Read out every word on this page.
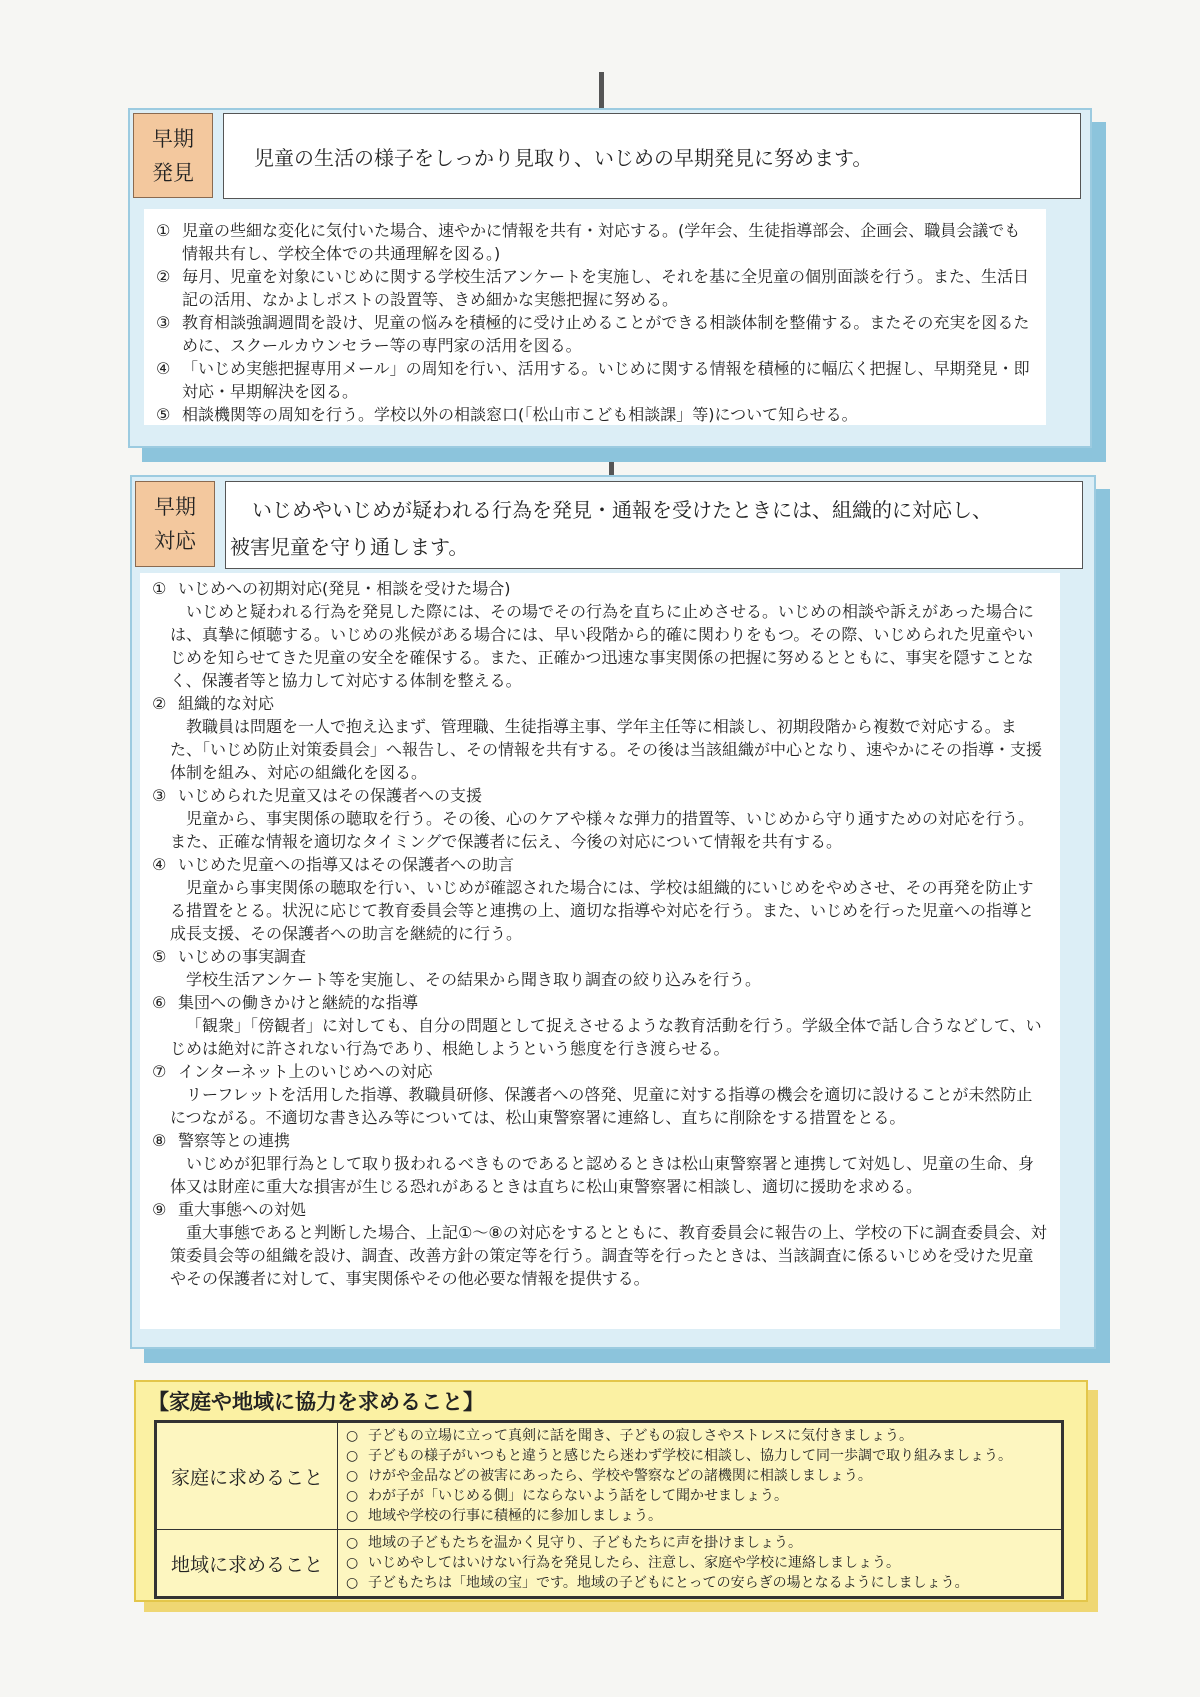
早期
発見
児童の生活の様子をしっかり見取り、いじめの早期発見に努めます。
① 児童の些細な変化に気付いた場合、速やかに情報を共有・対応する。(学年会、生徒指導部会、企画会、職員会議でも情報共有し、学校全体での共通理解を図る。)
② 毎月、児童を対象にいじめに関する学校生活アンケートを実施し、それを基に全児童の個別面談を行う。また、生活日記の活用、なかよしポストの設置等、きめ細かな実態把握に努める。
③ 教育相談強調週間を設け、児童の悩みを積極的に受け止めることができる相談体制を整備する。またその充実を図るために、スクールカウンセラー等の専門家の活用を図る。
④ 「いじめ実態把握専用メール」の周知を行い、活用する。いじめに関する情報を積極的に幅広く把握し、早期発見・即対応・早期解決を図る。
⑤ 相談機関等の周知を行う。学校以外の相談窓口(「松山市こども相談課」等)について知らせる。
早期
対応
いじめやいじめが疑われる行為を発見・通報を受けたときには、組織的に対応し、
被害児童を守り通します。
① いじめへの初期対応(発見・相談を受けた場合)
いじめと疑われる行為を発見した際には、その場でその行為を直ちに止めさせる。いじめの相談や訴えがあった場合には、真摯に傾聴する。いじめの兆候がある場合には、早い段階から的確に関わりをもつ。その際、いじめられた児童やいじめを知らせてきた児童の安全を確保する。また、正確かつ迅速な事実関係の把握に努めるとともに、事実を隠すことなく、保護者等と協力して対応する体制を整える。
② 組織的な対応
教職員は問題を一人で抱え込まず、管理職、生徒指導主事、学年主任等に相談し、初期段階から複数で対応する。また、「いじめ防止対策委員会」へ報告し、その情報を共有する。その後は当該組織が中心となり、速やかにその指導・支援体制を組み、対応の組織化を図る。
③ いじめられた児童又はその保護者への支援
児童から、事実関係の聴取を行う。その後、心のケアや様々な弾力的措置等、いじめから守り通すための対応を行う。また、正確な情報を適切なタイミングで保護者に伝え、今後の対応について情報を共有する。
④ いじめた児童への指導又はその保護者への助言
児童から事実関係の聴取を行い、いじめが確認された場合には、学校は組織的にいじめをやめさせ、その再発を防止する措置をとる。状況に応じて教育委員会等と連携の上、適切な指導や対応を行う。また、いじめを行った児童への指導と成長支援、その保護者への助言を継続的に行う。
⑤ いじめの事実調査
学校生活アンケート等を実施し、その結果から聞き取り調査の絞り込みを行う。
⑥ 集団への働きかけと継続的な指導
「観衆」「傍観者」に対しても、自分の問題として捉えさせるような教育活動を行う。学級全体で話し合うなどして、いじめは絶対に許されない行為であり、根絶しようという態度を行き渡らせる。
⑦ インターネット上のいじめへの対応
リーフレットを活用した指導、教職員研修、保護者への啓発、児童に対する指導の機会を適切に設けることが未然防止につながる。不適切な書き込み等については、松山東警察署に連絡し、直ちに削除をする措置をとる。
⑧ 警察等との連携
いじめが犯罪行為として取り扱われるべきものであると認めるときは松山東警察署と連携して対処し、児童の生命、身体又は財産に重大な損害が生じる恐れがあるときは直ちに松山東警察署に相談し、適切に援助を求める。
⑨ 重大事態への対処
重大事態であると判断した場合、上記①〜⑧の対応をするとともに、教育委員会に報告の上、学校の下に調査委員会、対策委員会等の組織を設け、調査、改善方針の策定等を行う。調査等を行ったときは、当該調査に係るいじめを受けた児童やその保護者に対して、事実関係やその他必要な情報を提供する。
【家庭や地域に協力を求めること】
家庭に求めること	○ 子どもの立場に立って真剣に話を聞き、子どもの寂しさやストレスに気付きましょう。
○ 子どもの様子がいつもと違うと感じたら迷わず学校に相談し、協力して同一歩調で取り組みましょう。
○ けがや金品などの被害にあったら、学校や警察などの諸機関に相談しましょう。
○ わが子が「いじめる側」にならないよう話をして聞かせましょう。
○ 地域や学校の行事に積極的に参加しましょう。

地域に求めること	○ 地域の子どもたちを温かく見守り、子どもたちに声を掛けましょう。
○ いじめやしてはいけない行為を発見したら、注意し、家庭や学校に連絡しましょう。
○ 子どもたちは「地域の宝」です。地域の子どもにとっての安らぎの場となるようにしましょう。
